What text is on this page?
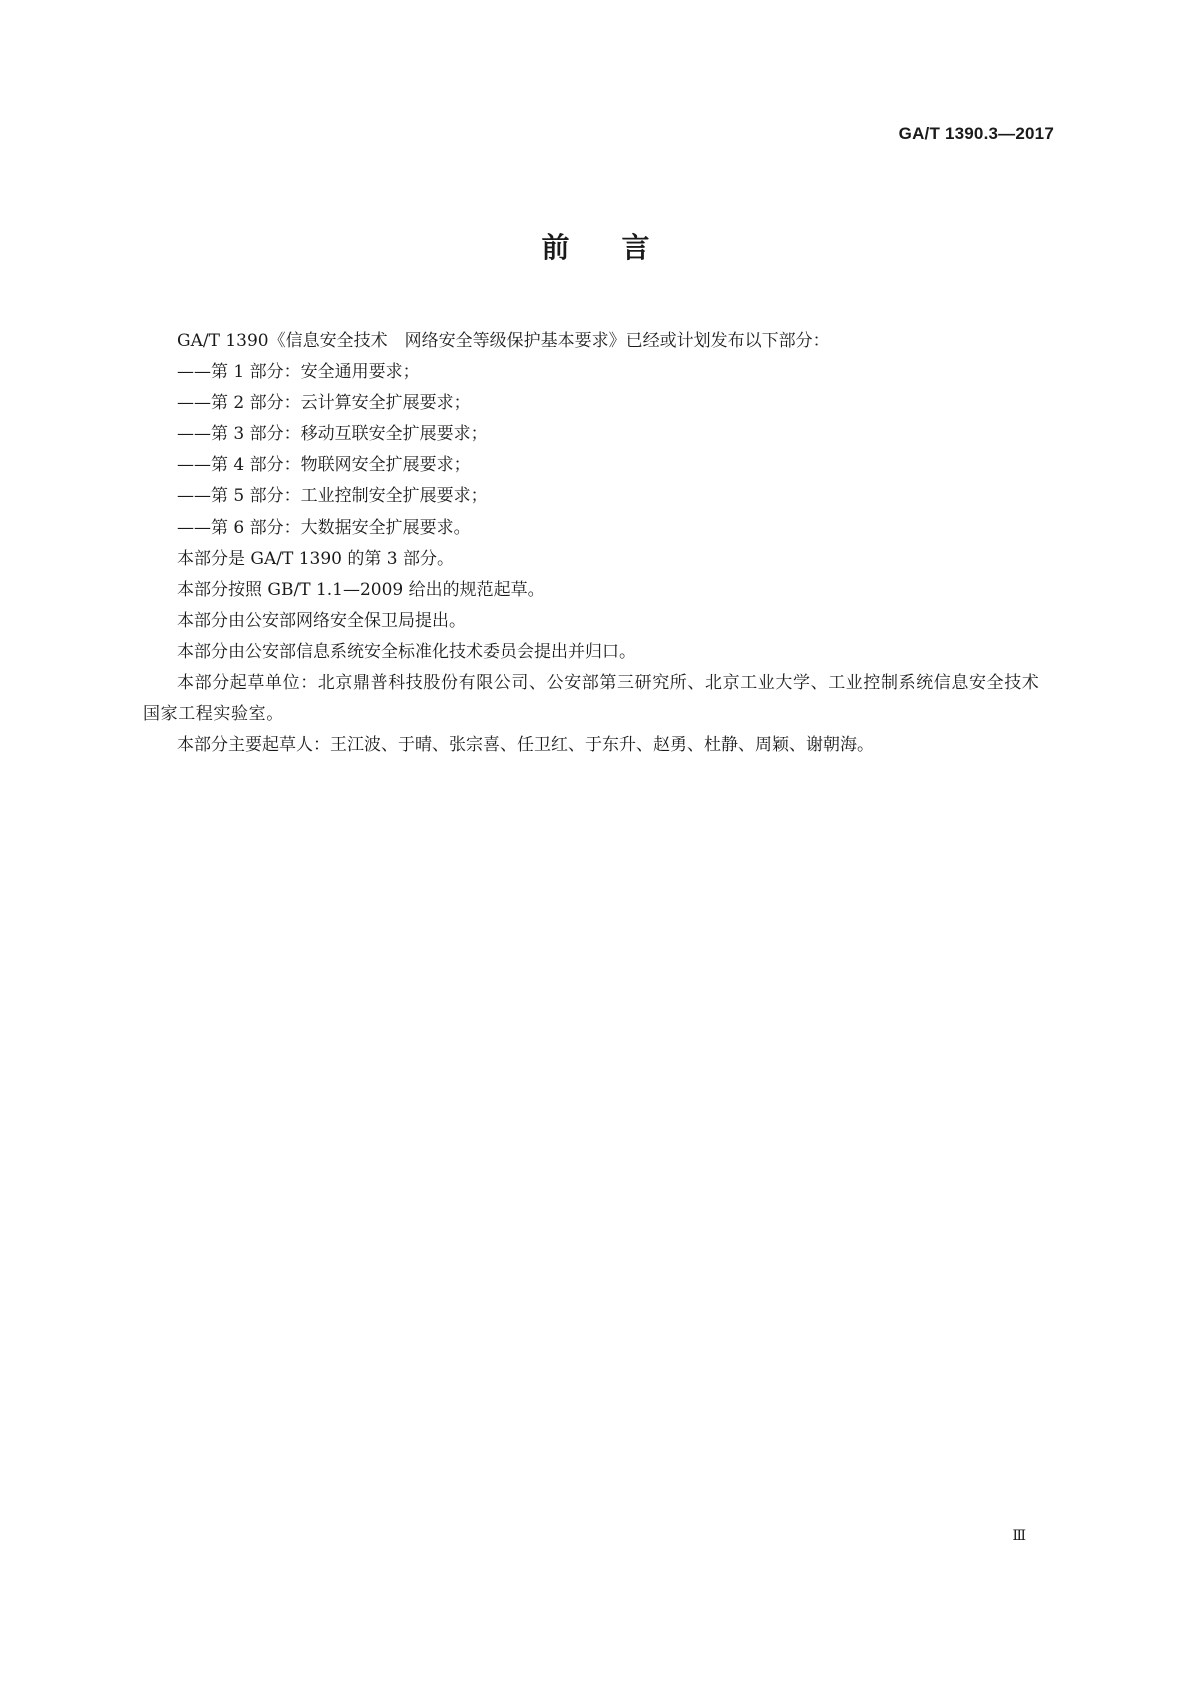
GA/T 1390.3—2017
前言

GA/T 1390《信息安全技术　网络安全等级保护基本要求》已经或计划发布以下部分：

——第 1 部分：安全通用要求；

——第 2 部分：云计算安全扩展要求；

——第 3 部分：移动互联安全扩展要求；

——第 4 部分：物联网安全扩展要求；

——第 5 部分：工业控制安全扩展要求；

——第 6 部分：大数据安全扩展要求。

本部分是 GA/T 1390 的第 3 部分。

本部分按照 GB/T 1.1—2009 给出的规范起草。

本部分由公安部网络安全保卫局提出。

本部分由公安部信息系统安全标准化技术委员会提出并归口。

本部分起草单位：北京鼎普科技股份有限公司、公安部第三研究所、北京工业大学、工业控制系统信息安全技术国家工程实验室。

本部分主要起草人：王江波、于晴、张宗喜、任卫红、于东升、赵勇、杜静、周颖、谢朝海。

Ⅲ
